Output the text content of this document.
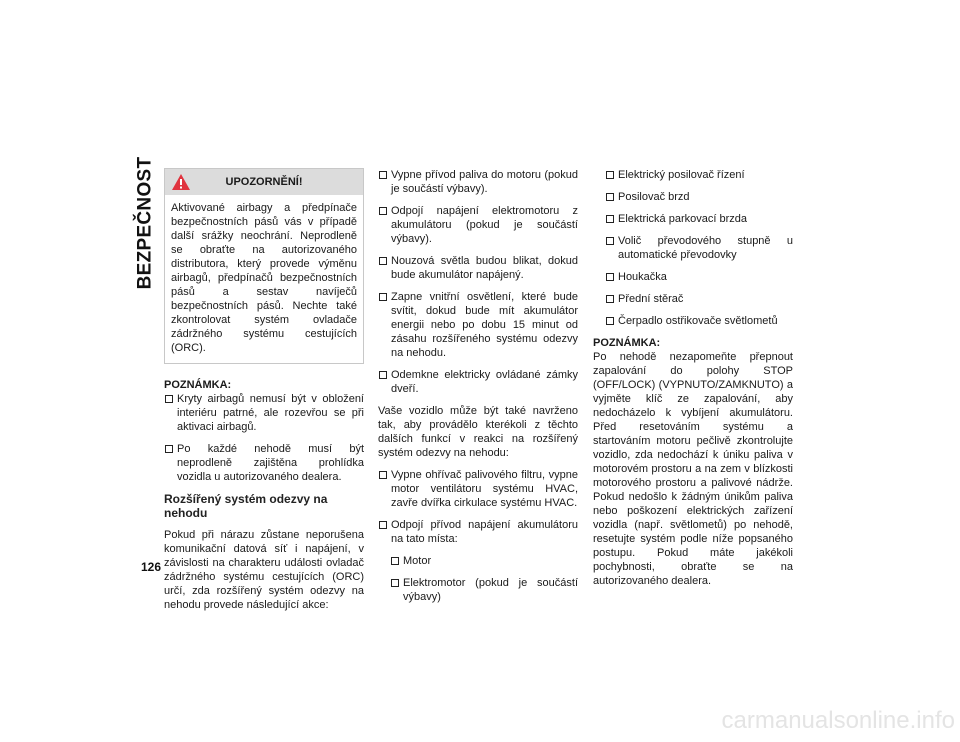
BEZPEČNOST
126
UPOZORNĚNÍ!
Aktivované airbagy a předpínače bezpečnostních pásů vás v případě další srážky neochrání. Neprodleně se obraťte na autorizovaného distributora, který provede výměnu airbagů, předpínačů bezpečnostních pásů a sestav navíječů bezpečnostních pásů. Nechte také zkontrolovat systém ovladače zádržného systému cestujících (ORC).
POZNÁMKA:
Kryty airbagů nemusí být v obložení interiéru patrné, ale rozevřou se při aktivaci airbagů.
Po každé nehodě musí být neprodleně zajištěna prohlídka vozidla u autorizovaného dealera.
Rozšířený systém odezvy na nehodu

Pokud při nárazu zůstane neporušena komunikační datová síť i napájení, v závislosti na charakteru události ovladač zádržného systému cestujících (ORC) určí, zda rozšířený systém odezvy na nehodu provede následující akce:

Vypne přívod paliva do motoru (pokud je součástí výbavy).
Odpojí napájení elektromotoru z akumulátoru (pokud je součástí výbavy).
Nouzová světla budou blikat, dokud bude akumulátor napájený.
Zapne vnitřní osvětlení, které bude svítit, dokud bude mít akumulátor energii nebo po dobu 15 minut od zásahu rozšířeného systému odezvy na nehodu.
Odemkne elektricky ovládané zámky dveří.

Vaše vozidlo může být také navrženo tak, aby provádělo kterékoli z těchto dalších funkcí v reakci na rozšířený systém odezvy na nehodu:

Vypne ohřívač palivového filtru, vypne motor ventilátoru systému HVAC, zavře dvířka cirkulace systému HVAC.
Odpojí přívod napájení akumulátoru na tato místa:
Motor
Elektromotor (pokud je součástí výbavy)
Elektrický posilovač řízení
Posilovač brzd
Elektrická parkovací brzda
Volič převodového stupně u automatické převodovky
Houkačka
Přední stěrač
Čerpadlo ostřikovače světlometů
POZNÁMKA:

Po nehodě nezapomeňte přepnout zapalování do polohy STOP (OFF/LOCK) (VYPNUTO/ZAMKNUTO) a vyjměte klíč ze zapalování, aby nedocházelo k vybíjení akumulátoru. Před resetováním systému a startováním motoru pečlivě zkontrolujte vozidlo, zda nedochází k úniku paliva v motorovém prostoru a na zem v blízkosti motorového prostoru a palivové nádrže. Pokud nedošlo k žádným únikům paliva nebo poškození elektrických zařízení vozidla (např. světlometů) po nehodě, resetujte systém podle níže popsaného postupu. Pokud máte jakékoli pochybnosti, obraťte se na autorizovaného dealera.

carmanualsonline.info
